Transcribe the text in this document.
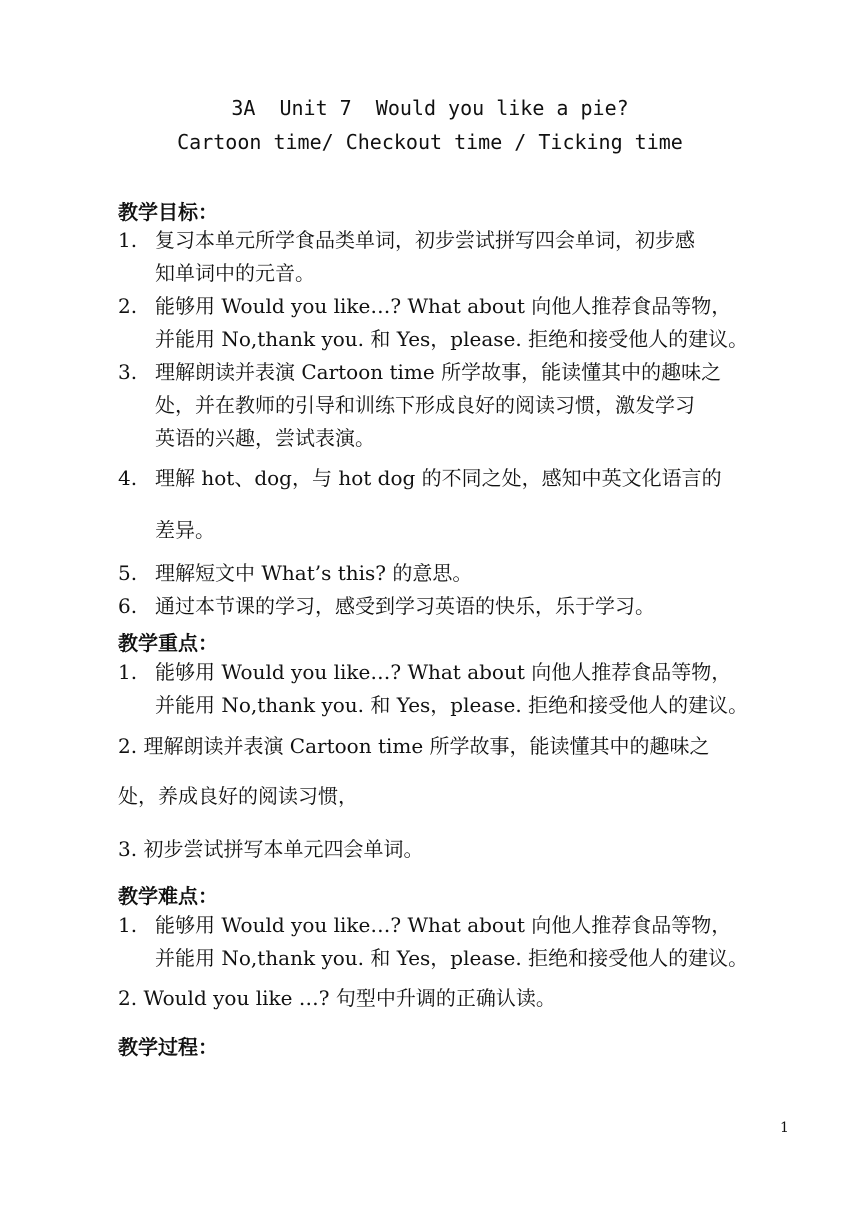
3A  Unit 7  Would you like a pie?
Cartoon time/ Checkout time / Ticking time
教学目标：
1. 复习本单元所学食品类单词，初步尝试拼写四会单词，初步感
知单词中的元音。
2. 能够用 Would you like…? What about 向他人推荐食品等物，
并能用 No,thank you. 和 Yes，please. 拒绝和接受他人的建议。
3. 理解朗读并表演 Cartoon time 所学故事，能读懂其中的趣味之
处，并在教师的引导和训练下形成良好的阅读习惯，激发学习
英语的兴趣，尝试表演。
4. 理解 hot、dog，与 hot dog 的不同之处，感知中英文化语言的
差异。
5. 理解短文中 What’s this? 的意思。
6. 通过本节课的学习，感受到学习英语的快乐，乐于学习。
教学重点：
1. 能够用 Would you like…? What about 向他人推荐食品等物，
并能用 No,thank you. 和 Yes，please. 拒绝和接受他人的建议。
2. 理解朗读并表演 Cartoon time 所学故事，能读懂其中的趣味之
处，养成良好的阅读习惯，
3. 初步尝试拼写本单元四会单词。
教学难点：
1. 能够用 Would you like…? What about 向他人推荐食品等物，
并能用 No,thank you. 和 Yes，please. 拒绝和接受他人的建议。
2. Would you like …? 句型中升调的正确认读。
教学过程：
1
